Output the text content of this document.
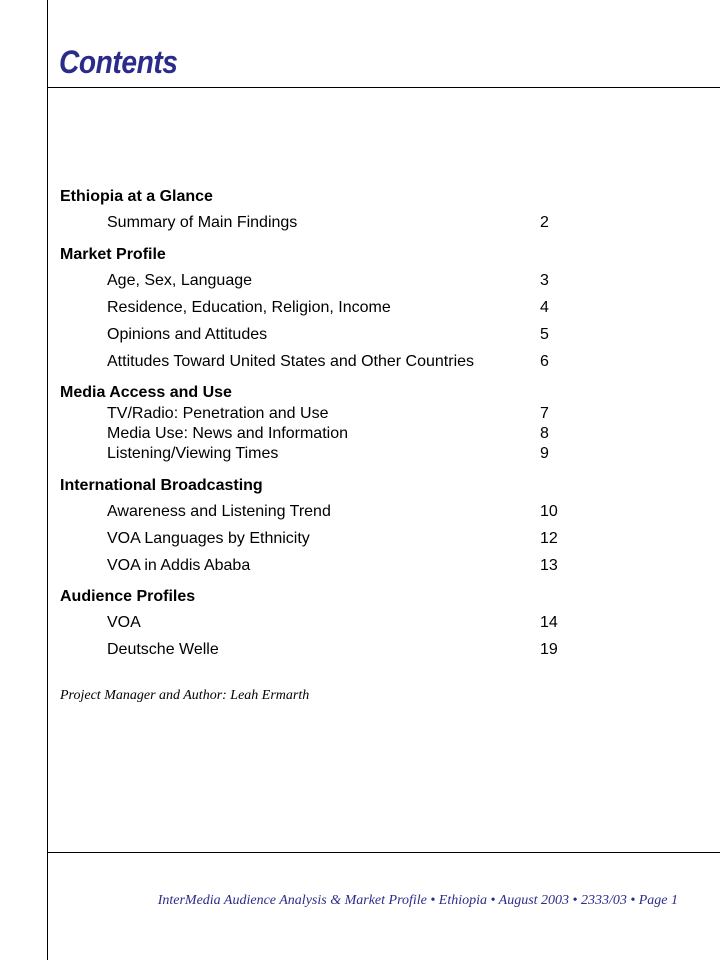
Contents
Ethiopia at a Glance
Summary of Main Findings	2
Market Profile
Age, Sex, Language	3
Residence, Education, Religion, Income	4
Opinions and Attitudes	5
Attitudes Toward United States and Other Countries	6
Media Access and Use
TV/Radio: Penetration and Use	7
Media Use: News and Information	8
Listening/Viewing Times	9
International Broadcasting
Awareness and Listening Trend	10
VOA Languages by Ethnicity	12
VOA in Addis Ababa	13
Audience Profiles
VOA	14
Deutsche Welle	19
Project Manager and Author: Leah Ermarth
InterMedia Audience Analysis & Market Profile • Ethiopia • August 2003 • 2333/03 • Page 1
